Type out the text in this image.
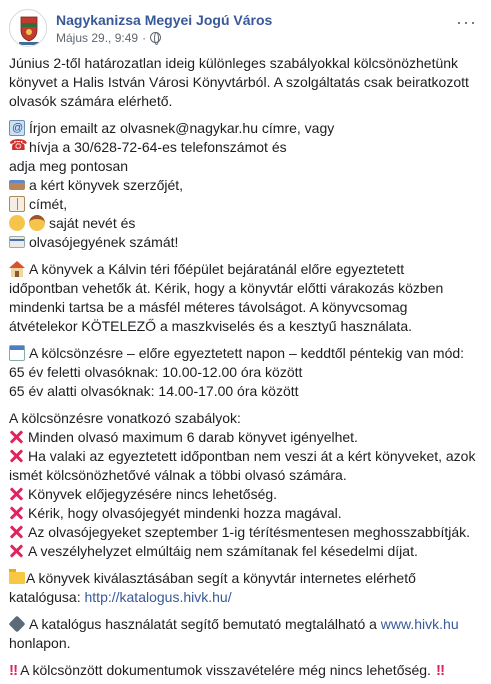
Nagykanizsa Megyei Jogú Város
Május 29. , 9:49 ·
···
Június 2-től határozatlan ideig különleges szabályokkal kölcsönözhetünk
könyvet a Halis István Városi Könyvtárból. A szolgáltatás csak beiratkozott
olvasók számára elérhető.
@Írjon emailt az olvasnek@nagykar.hu címre, vagy
☎hívja a 30/628-72-64-es telefonszámot és
adja meg pontosan
a kért könyvek szerzőjét,
címét,
saját nevét és
olvasójegyének számát!
A könyvek a Kálvin téri főépület bejáratánál előre egyeztetett
időpontban vehetők át. Kérik, hogy a könyvtár előtti várakozás közben
mindenki tartsa be a másfél méteres távolságot. A könyvcsomag
átvételekor KÖTELEZŐ a maszkviselés és a kesztyű használata.
A kölcsönzésre – előre egyeztetett napon – keddtől péntekig van mód:
65 év feletti olvasóknak: 10.00-12.00 óra között
65 év alatti olvasóknak: 14.00-17.00 óra között
A kölcsönzésre vonatkozó szabályok:
Minden olvasó maximum 6 darab könyvet igényelhet.
Ha valaki az egyeztetett időpontban nem veszi át a kért könyveket, azok
ismét kölcsönözhetővé válnak a többi olvasó számára.
Könyvek előjegyzésére nincs lehetőség.
Kérik, hogy olvasójegyét mindenki hozza magával.
Az olvasójegyeket szeptember 1-ig térítésmentesen meghosszabbítják.
A veszélyhelyzet elmúltáig nem számítanak fel késedelmi díjat.
A könyvek kiválasztásában segít a könyvtár internetes elérhető
katalógusa: http://katalogus.hivk.hu/
A katalógus használatát segítő bemutató megtalálható a www.hivk.hu
honlapon.
‼ A kölcsönzött dokumentumok visszavételére még nincs lehetőség. ‼
